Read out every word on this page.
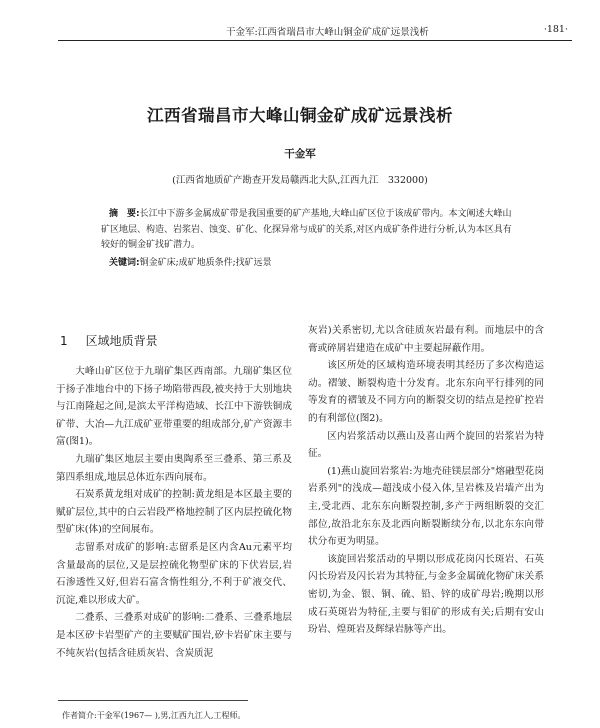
干金军:江西省瑞昌市大峰山铜金矿成矿远景浅析	·181·
江西省瑞昌市大峰山铜金矿成矿远景浅析
干金军
(江西省地质矿产勘查开发局赣西北大队,江西九江　332000)
摘　要:长江中下游多金属成矿带是我国重要的矿产基地,大峰山矿区位于该成矿带内。本文阐述大峰山矿区地层、构造、岩浆岩、蚀变、矿化、化探异常与成矿的关系,对区内成矿条件进行分析,认为本区具有较好的铜金矿找矿潜力。
关键词:铜金矿床;成矿地质条件;找矿远景
1 区域地质背景

大峰山矿区位于九瑞矿集区西南部。九瑞矿集区位于扬子准地台中的下扬子坳陷带西段,被夹持于大别地块与江南隆起之间,是滨太平洋构造域、长江中下游铁铜成矿带、大冶—九江成矿亚带重要的组成部分,矿产资源丰富(图1)。

九瑞矿集区地层主要由奥陶系至三叠系、第三系及第四系组成,地层总体近东西向展布。

石炭系黄龙组对成矿的控制:黄龙组是本区最主要的赋矿层位,其中的白云岩段严格地控制了区内层控硫化物型矿床(体)的空间展布。

志留系对成矿的影响:志留系是区内含Au元素平均含量最高的层位,又是层控硫化物型矿床的下伏岩层,岩石渗透性又好,但岩石富含惰性组分,不利于矿液交代、沉淀,难以形成大矿。

二叠系、三叠系对成矿的影响:二叠系、三叠系地层是本区矽卡岩型矿产的主要赋矿围岩,矽卡岩矿床主要与不纯灰岩(包括含硅质灰岩、含炭质泥

灰岩)关系密切,尤以含硅质灰岩最有利。而地层中的含膏或碎屑岩建造在成矿中主要起屏蔽作用。

该区所处的区域构造环境表明其经历了多次构造运动。褶皱、断裂构造十分发育。北东东向平行排列的同等发育的褶皱及不同方向的断裂交切的结点是控矿控岩的有利部位(图2)。

区内岩浆活动以燕山及喜山两个旋回的岩浆岩为特征。

(1)燕山旋回岩浆岩:为地壳硅镁层部分"熔融型花岗岩系列"的浅成—超浅成小侵入体,呈岩株及岩墙产出为主,受北西、北东东向断裂控制,多产于两组断裂的交汇部位,故沿北东东及北西向断裂断续分布,以北东东向带状分布更为明显。

该旋回岩浆活动的早期以形成花岗闪长斑岩、石英闪长玢岩及闪长岩为其特征,与金多金属硫化物矿床关系密切,为金、银、铜、硫、铅、锌的成矿母岩;晚期以形成石英斑岩为特征,主要与钼矿的形成有关;后期有安山玢岩、煌斑岩及辉绿岩脉等产出。

作者简介:干金军(1967— ),男,江西九江人,工程师。
